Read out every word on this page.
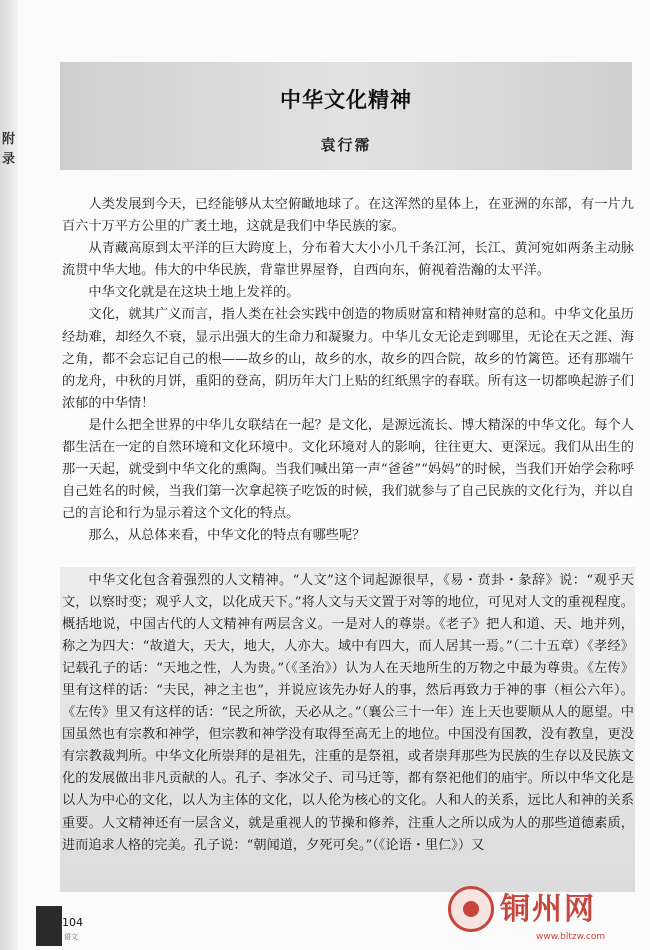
附
录
中华文化精神
袁行霈

人类发展到今天，已经能够从太空俯瞰地球了。在这浑然的星体上，在亚洲的东部，有一片九百六十万平方公里的广袤土地，这就是我们中华民族的家。

从青藏高原到太平洋的巨大跨度上，分布着大大小小几千条江河，长江、黄河宛如两条主动脉流贯中华大地。伟大的中华民族，背靠世界屋脊，自西向东，俯视着浩瀚的太平洋。

中华文化就是在这块土地上发祥的。

文化，就其广义而言，指人类在社会实践中创造的物质财富和精神财富的总和。中华文化虽历经劫难，却经久不衰，显示出强大的生命力和凝聚力。中华儿女无论走到哪里，无论在天之涯、海之角，都不会忘记自己的根——故乡的山，故乡的水，故乡的四合院，故乡的竹篱笆。还有那端午的龙舟，中秋的月饼，重阳的登高，阴历年大门上贴的红纸黑字的春联。所有这一切都唤起游子们浓郁的中华情！

是什么把全世界的中华儿女联结在一起？是文化，是源远流长、博大精深的中华文化。每个人都生活在一定的自然环境和文化环境中。文化环境对人的影响，往往更大、更深远。我们从出生的那一天起，就受到中华文化的熏陶。当我们喊出第一声“爸爸”“妈妈”的时候，当我们开始学会称呼自己姓名的时候，当我们第一次拿起筷子吃饭的时候，我们就参与了自己民族的文化行为，并以自己的言论和行为显示着这个文化的特点。

那么，从总体来看，中华文化的特点有哪些呢？

中华文化包含着强烈的人文精神。“人文”这个词起源很早，《易・贲卦・彖辞》说：“观乎天文，以察时变；观乎人文，以化成天下。”将人文与天文置于对等的地位，可见对人文的重视程度。概括地说，中国古代的人文精神有两层含义。一是对人的尊崇。《老子》把人和道、天、地并列，称之为四大：“故道大，天大，地大，人亦大。域中有四大，而人居其一焉。”（二十五章）《孝经》记载孔子的话：“天地之性，人为贵。”（《圣治》）认为人在天地所生的万物之中最为尊贵。《左传》里有这样的话：“夫民，神之主也”，并说应该先办好人的事，然后再致力于神的事（桓公六年）。《左传》里又有这样的话：“民之所欲，天必从之。”（襄公三十一年）连上天也要顺从人的愿望。中国虽然也有宗教和神学，但宗教和神学没有取得至高无上的地位。中国没有国教，没有教皇，更没有宗教裁判所。中华文化所崇拜的是祖先，注重的是祭祖，或者崇拜那些为民族的生存以及民族文化的发展做出非凡贡献的人。孔子、李冰父子、司马迁等，都有祭祀他们的庙宇。所以中华文化是以人为中心的文化，以人为主体的文化，以人伦为核心的文化。人和人的关系，远比人和神的关系重要。人文精神还有一层含义，就是重视人的节操和修养，注重人之所以成为人的那些道德素质，进而追求人格的完美。孔子说：“朝闻道，夕死可矣。”（《论语・里仁》）又

104
语文
铜州网
www.bltzw.com
